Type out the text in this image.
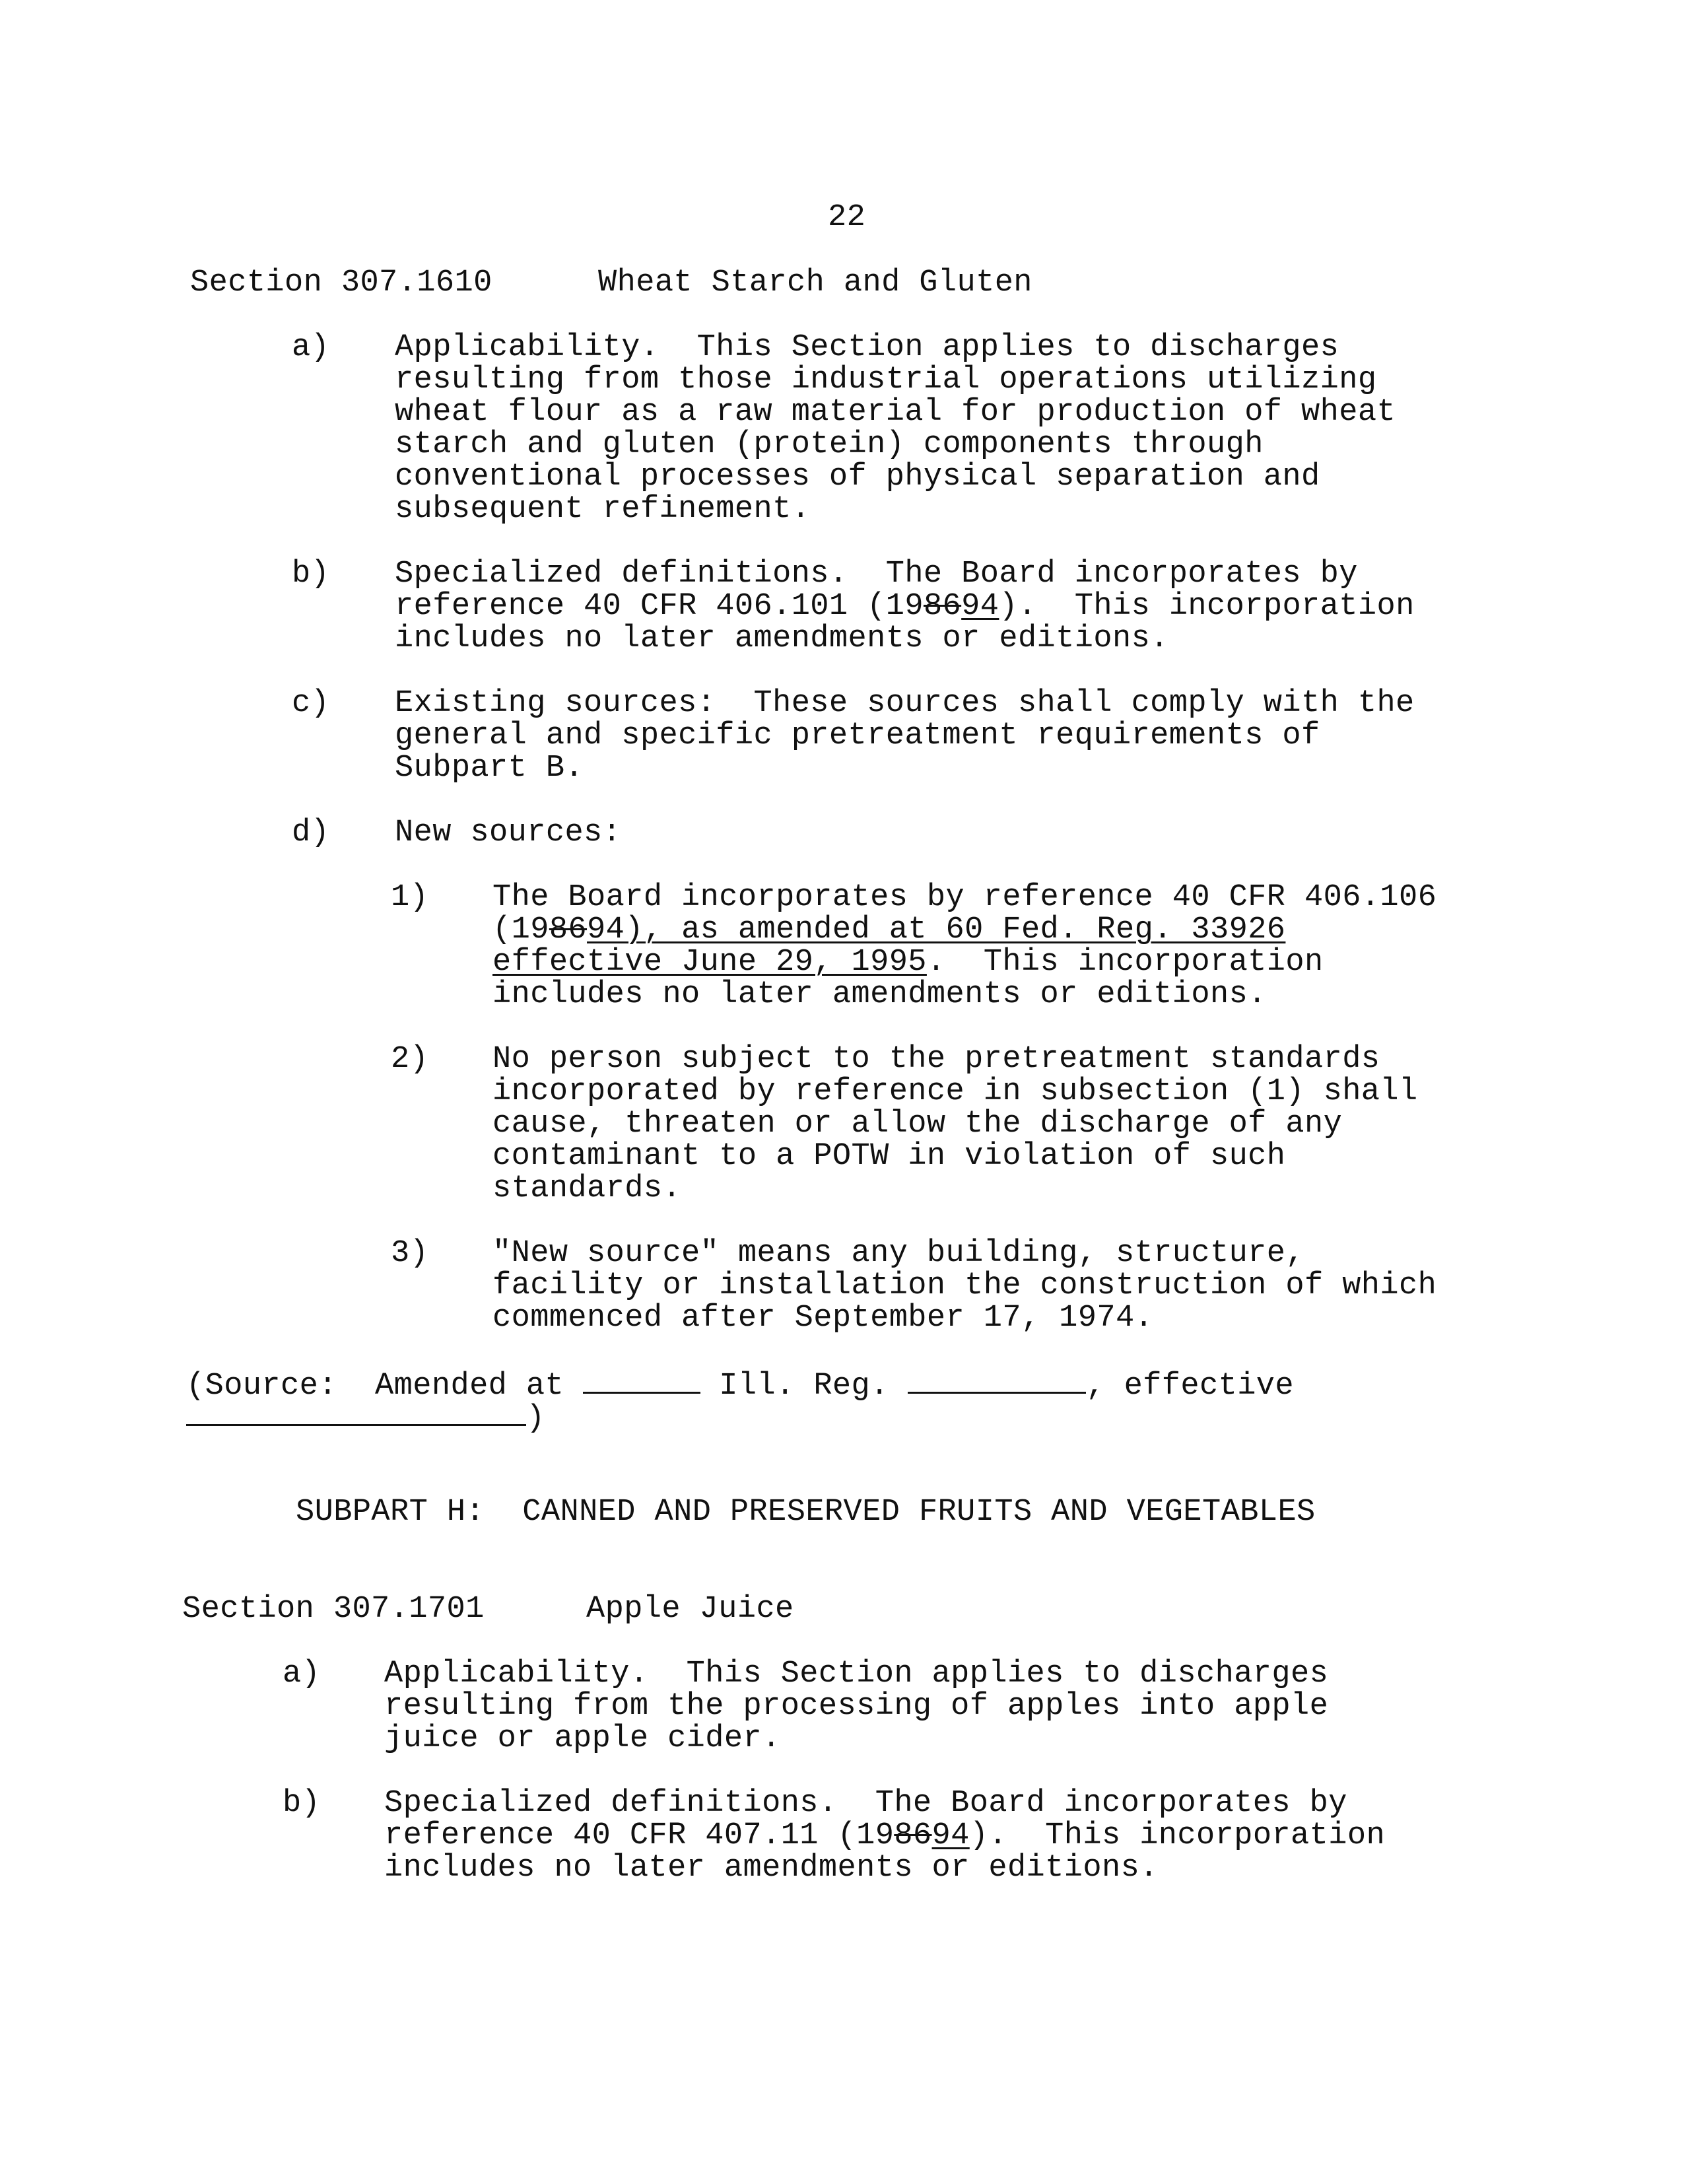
22
Section 307.1610	Wheat Starch and Gluten
a) Applicability.  This Section applies to discharges
resulting from those industrial operations utilizing
wheat flour as a raw material for production of wheat
starch and gluten (protein) components through
conventional processes of physical separation and
subsequent refinement.
b) Specialized definitions.  The Board incorporates by
reference 40 CFR 406.101 (198694).  This incorporation
includes no later amendments or editions.
c) Existing sources:  These sources shall comply with the
general and specific pretreatment requirements of
Subpart B.
d) New sources:
1) The Board incorporates by reference 40 CFR 406.106
(198694), as amended at 60 Fed. Reg. 33926
effective June 29, 1995.  This incorporation
includes no later amendments or editions.
2) No person subject to the pretreatment standards
incorporated by reference in subsection (1) shall
cause, threaten or allow the discharge of any
contaminant to a POTW in violation of such
standards.
3) "New source" means any building, structure,
facility or installation the construction of which
commenced after September 17, 1974.
(Source:  Amended at	Ill. Reg.	, effective
)
SUBPART H:  CANNED AND PRESERVED FRUITS AND VEGETABLES
Section 307.1701	Apple Juice
a) Applicability.  This Section applies to discharges
resulting from the processing of apples into apple
juice or apple cider.
b) Specialized definitions.  The Board incorporates by
reference 40 CFR 407.11 (198694).  This incorporation
includes no later amendments or editions.
